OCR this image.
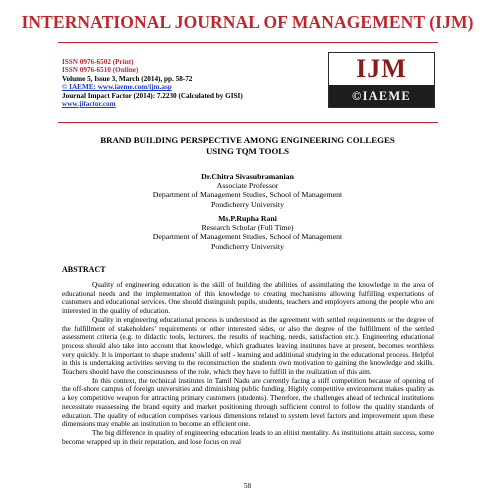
INTERNATIONAL JOURNAL OF MANAGEMENT (IJM)
ISSN 0976-6502 (Print)
ISSN 0976-6510 (Online)
Volume 5, Issue 3, March (2014), pp. 58-72
© IAEME: www.iaeme.com/ijm.asp
Journal Impact Factor (2014): 7.2230 (Calculated by GISI)
www.jifactor.com
IJM
©IAEME
BRAND BUILDING PERSPECTIVE AMONG ENGINEERING COLLEGES
USING TQM TOOLS
Dr.Chitra Sivasubramanian
Associate Professor
Department of Management Studies, School of Management
Pondicherry University
Ms.P.Rupha Rani
Research Scholar (Full Time)
Department of Management Studies, School of Management
Pondicherry University
ABSTRACT

Quality of engineering education is the skill of building the abilities of assimilating the knowledge in the area of educational needs and the implementation of this knowledge to creating mechanisms allowing fulfilling expectations of customers and educational services. One should distinguish pupils, students, teachers and employers among the people who are interested in the quality of education.

Quality in engineering educational process is understood as the agreement with settled requirements or the degree of the fulfillment of stakeholders’ requirements or other interested sides, or also the degree of the fulfillment of the settled assessment criteria (e.g. to didactic tools, lecturers, the results of teaching, needs, satisfaction etc.). Engineering educational process should also take into account that knowledge, which graduates leaving institutes have at present, becomes worthless very quickly. It is important to shape students’ skill of self - learning and additional studying in the educational process. Helpful in this is undertaking activities serving to the reconstruction the students own motivation to gaining the knowledge and skills. Teachers should have the consciousness of the role, which they have to fulfill in the realization of this aim.

In this context, the technical institutes in Tamil Nadu are currently facing a stiff competition because of opening of the off-shore campus of foreign universities and diminishing public funding. Highly competitive environment makes quality as a key competitive weapon for attracting primary customers (students). Therefore, the challenges ahead of technical institutions necessitate reassessing the brand equity and market positioning through sufficient control to follow the quality standards of education. The quality of education comprises various dimensions related to system level factors and improvement upon these dimensions may enable an institution to become an efficient one.

The big difference in quality of engineering education leads to an elitist mentality. As institutions attain success, some become wrapped up in their reputation, and lose focus on real

58
